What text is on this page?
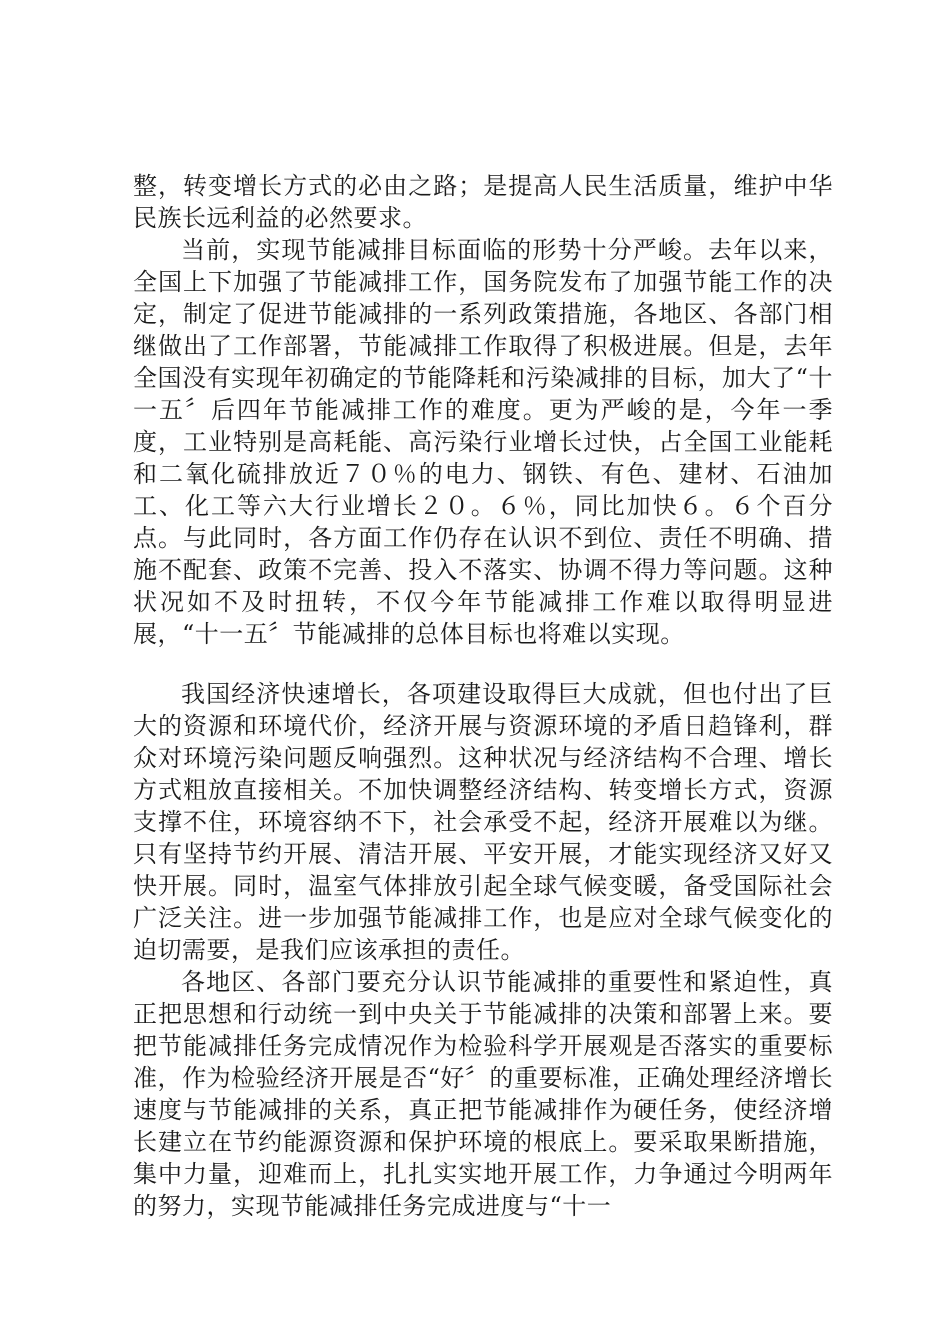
整，转变增长方式的必由之路；是提高人民生活质量，维护中华民族长远利益的必然要求。

当前，实现节能减排目标面临的形势十分严峻。去年以来，全国上下加强了节能减排工作，国务院发布了加强节能工作的决定，制定了促进节能减排的一系列政策措施，各地区、各部门相继做出了工作部署，节能减排工作取得了积极进展。但是，去年全国没有实现年初确定的节能降耗和污染减排的目标，加大了“十一五〞后四年节能减排工作的难度。更为严峻的是，今年一季度，工业特别是高耗能、高污染行业增长过快，占全国工业能耗和二氧化硫排放近７０％的电力、钢铁、有色、建材、石油加工、化工等六大行业增长２０。６％，同比加快６。６个百分点。与此同时，各方面工作仍存在认识不到位、责任不明确、措施不配套、政策不完善、投入不落实、协调不得力等问题。这种状况如不及时扭转，不仅今年节能减排工作难以取得明显进展，“十一五〞节能减排的总体目标也将难以实现。

我国经济快速增长，各项建设取得巨大成就，但也付出了巨大的资源和环境代价，经济开展与资源环境的矛盾日趋锋利，群众对环境污染问题反响强烈。这种状况与经济结构不合理、增长方式粗放直接相关。不加快调整经济结构、转变增长方式，资源支撑不住，环境容纳不下，社会承受不起，经济开展难以为继。只有坚持节约开展、清洁开展、平安开展，才能实现经济又好又快开展。同时，温室气体排放引起全球气候变暖，备受国际社会广泛关注。进一步加强节能减排工作，也是应对全球气候变化的迫切需要，是我们应该承担的责任。

各地区、各部门要充分认识节能减排的重要性和紧迫性，真正把思想和行动统一到中央关于节能减排的决策和部署上来。要把节能减排任务完成情况作为检验科学开展观是否落实的重要标准，作为检验经济开展是否“好〞的重要标准，正确处理经济增长速度与节能减排的关系，真正把节能减排作为硬任务，使经济增长建立在节约能源资源和保护环境的根底上。要采取果断措施，集中力量，迎难而上，扎扎实实地开展工作，力争通过今明两年的努力，实现节能减排任务完成进度与“十一
